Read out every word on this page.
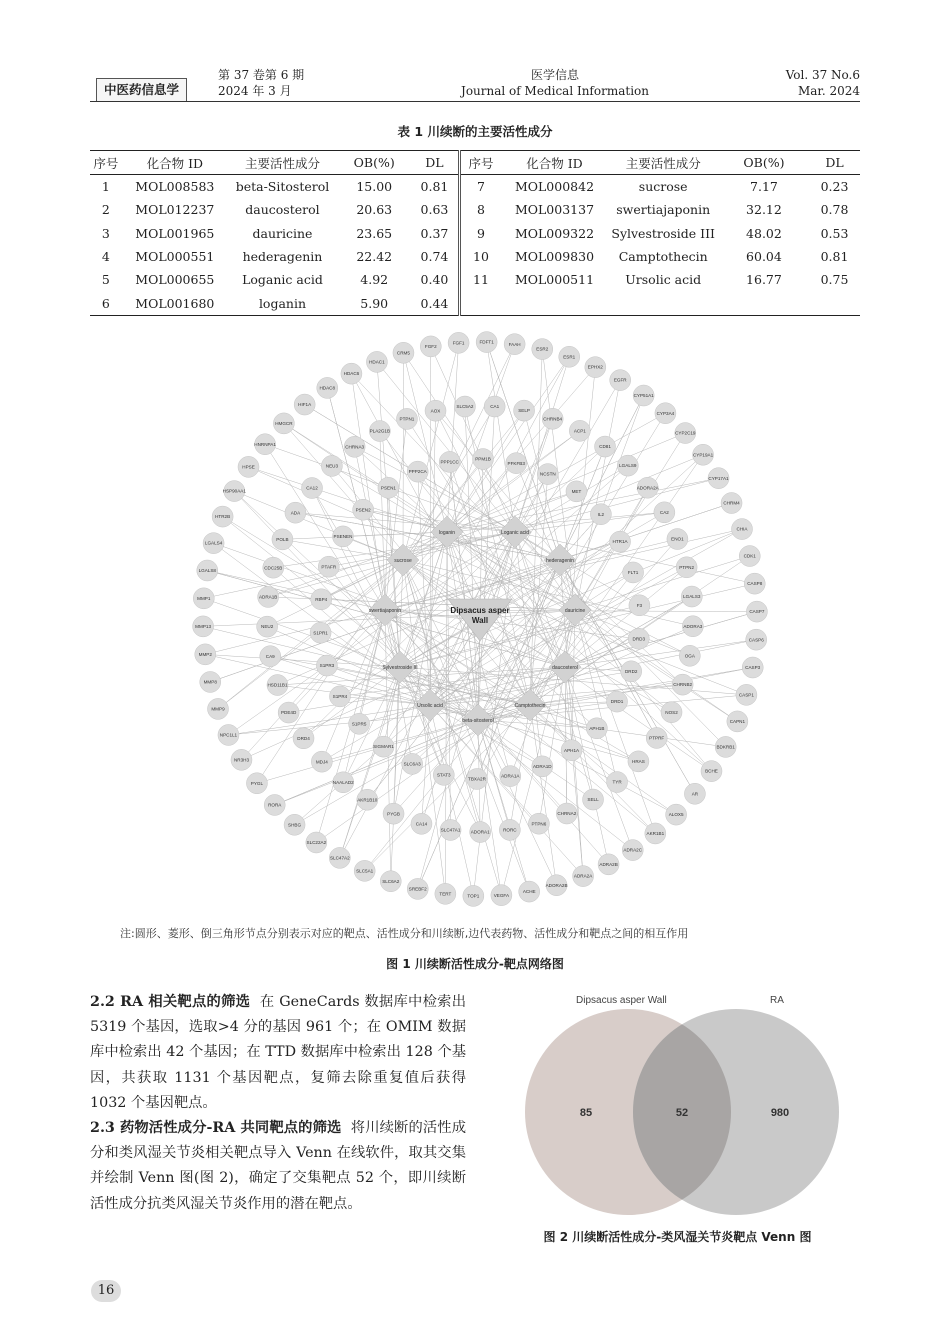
中医药信息学
第 37 卷第 6 期
2024 年 3 月
医学信息
Journal of Medical Information
Vol. 37 No.6
Mar. 2024
表 1 川续断的主要活性成分
序号	化合物 ID	主要活性成分	OB(%)	DL	序号	化合物 ID	主要活性成分	OB(%)	DL
1	MOL008583	beta-Sitosterol	15.00	0.81	7	MOL000842	sucrose	7.17	0.23
2	MOL012237	daucosterol	20.63	0.63	8	MOL003137	swertiajaponin	32.12	0.78
3	MOL001965	dauricine	23.65	0.37	9	MOL009322	Sylvestroside III	48.02	0.53
4	MOL000551	hederagenin	22.42	0.74	10	MOL009830	Camptothecin	60.04	0.81
5	MOL000655	Loganic acid	4.92	0.40	11	MOL000511	Ursolic acid	16.77	0.75
6	MOL001680	loganin	5.90	0.44					
CRM5
FGF2
FGF1	FDFT1	FAAH
ESR2
ESR1
EPHX2
EGFR
CYP51A1
CYP3A4
CYP2C19
CYP19A1
CYP17A1
CHRM4
CHIA
CDK1
CASP8
CASP7
CASP6
CASP3
CASP1
CAPN1
BDKRB1
BCHE
AR
ALOX5
AKR1B1
ADRA2C
ADRA2B
ADRA2A
ADORA2B
ACHE
VEGFA
TOP1
TERT
SREBF2
SLC6A2
SLC5A1
SLC47A2
SLC22A2
SHBG
RORA
PYGL
NR3H3
NPC1L1
MMP9
MMP8
MMP2
MMP13
MMP1
LGALS8
LGALS4
HTR2B
HSP90AA1
HPSE
HNRNPA1
HMGCR
HIF1A
HDAC8
HDAC6
HDAC1
PTPN1
AOX
SLC5A2	CA1
SELP
CHRNB4
ACP1
CD81
LGALS9
ADORA2A
CA2
ENO1
PTPN2
LGALS3
ADORA3
OGA
CHRNB2
NOS2
PTPRF
HRAS
TYR
SELL
CHRNA2
PTPN6
RORC
ADORA1
SLC47A1
CA14
PYGB
AKR1B10
NAALAD2
MDJ4
DRD4
PDE4D
HSD11B1
CA9
NEU2
ADRA1B
CDC25B
POLB
ADA
CA12
NEU3
CHRNA3
PLA2G1B
PPP2CA
PPP1CC
PPM1B
PFKFB3
NCSTN
MET
IL2
HTR1A
FLT1
F3
DRD3
DRD2
DRD1
APH1B
APH1A
ADRA1D
ADRA1A
TBXA2R
STAT3
SLC6A3
SIGMAR1
S1PR5
S1PR4
S1PR3
S1PR1
RBP4
PTAFR
PSENEN
PSEN2
PSEN1
loganin	Loganic acid
sucrose	hederagenin
swertiajaponin	dauricine
Sylvestroside III	daucosterol
Ursolic acid	Camptothecin
beta-sitosterol
Dipsacus asper
Wall
注:圆形、菱形、倒三角形节点分别表示对应的靶点、活性成分和川续断,边代表药物、活性成分和靶点之间的相互作用
图 1 川续断活性成分-靶点网络图

2.2 RA 相关靶点的筛选 在 GeneCards 数据库中检索出 5319 个基因，选取>4 分的基因 961 个；在 OMIM 数据库中检索出 42 个基因；在 TTD 数据库中检索出 128 个基因，共获取 1131 个基因靶点，复筛去除重复值后获得 1032 个基因靶点。

2.3 药物活性成分-RA 共同靶点的筛选 将川续断的活性成分和类风湿关节炎相关靶点导入 Venn 在线软件，取其交集并绘制 Venn 图(图 2)，确定了交集靶点 52 个，即川续断活性成分抗类风湿关节炎作用的潜在靶点。

Dipsacus asper Wall	RA
85	52	980
图 2 川续断活性成分-类风湿关节炎靶点 Venn 图
16
